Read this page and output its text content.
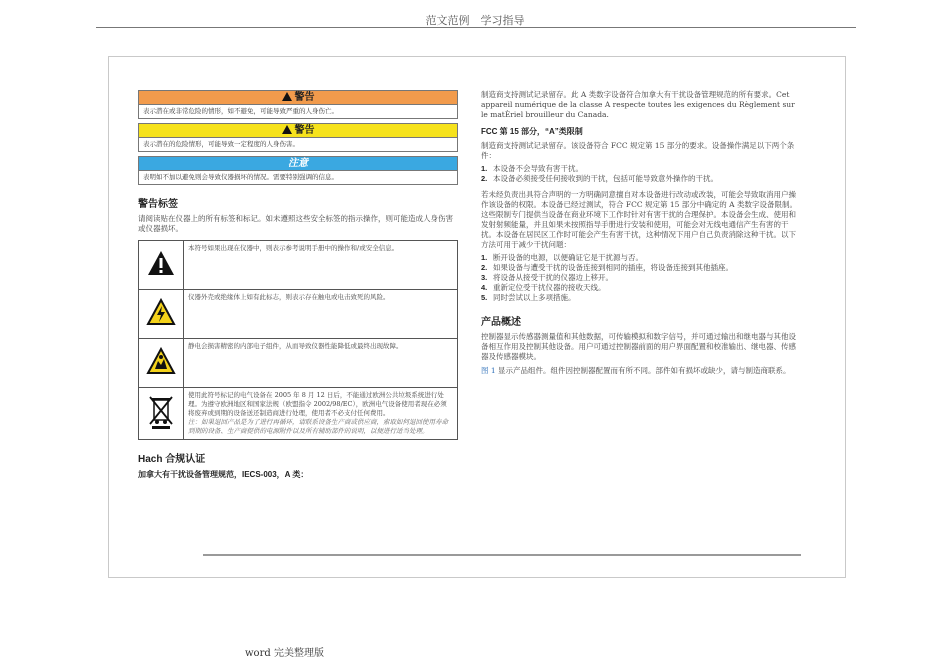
范文范例　学习指导
警告
表示潜在或非常危险的情形，如不避免，可能导致严重的人身伤亡。
警告
表示潜在的危险情形，可能导致一定程度的人身伤害。
注意
表明如不加以避免则会导致仪器损坏的情况。需要特别强调的信息。
警告标签
请阅读贴在仪器上的所有标签和标记。如未遵照这些安全标签的指示操作，则可能造成人身伤害或仪器损坏。
	本符号如果出现在仪器中，则表示参考说明手册中的操作和/或安全信息。
	仪器外壳或绝缘体上如有此标志，则表示存在触电或电击致死的风险。
	静电会损害精密的内部电子组件，从而导致仪器性能降低或最终出现故障。

使用此符号标记的电气设备在 2005 年 8 月 12 日后，不能通过欧洲公共垃圾系统进行处理。为遵守欧洲地区和国家法规（欧盟指令 2002/98/EC），欧洲电气设备使用者现在必须将废弃或到期的设备送还制造商进行处理，使用者不必支付任何费用。
注：如果退回产品是为了进行再循环，请联系设备生产商或供应商，索取如何退回使用寿命到期的设备、生产商提供的电源附件以及所有辅助部件的说明，以便进行适当处理。
Hach 合规认证
加拿大有干扰设备管理规范，IECS-003，A 类：
制造商支持测试记录留存。此 A 类数字设备符合加拿大有干扰设备管理规范的所有要求。Cet appareil numérique de la classe A respecte toutes les exigences du Règlement sur le matÈriel brouilleur du Canada.
FCC 第 15 部分，“A”类限制
制造商支持测试记录留存。该设备符合 FCC 规定第 15 部分的要求。设备操作满足以下两个条件：
1. 本设备不会导致有害干扰。
2. 本设备必须接受任何接收到的干扰，包括可能导致意外操作的干扰。
若未经负责出具符合声明的一方明确同意擅自对本设备进行改动或改装，可能会导致取消用户操作该设备的权限。本设备已经过测试，符合 FCC 规定第 15 部分中确定的 A 类数字设备限制。这些限制专门提供当设备在商业环境下工作时针对有害干扰的合理保护。本设备会生成、使用和发射射频能量，并且如果未按照指导手册进行安装和使用，可能会对无线电通信产生有害的干扰。本设备在居民区工作时可能会产生有害干扰，这种情况下用户自己负责消除这种干扰。以下方法可用于减少干扰问题：
1. 断开设备的电源，以便确证它是干扰源与否。
2. 如果设备与遭受干扰的设备连接到相同的插座，将设备连接到其他插座。
3. 将设备从接受干扰的仪器边上移开。
4. 重新定位受干扰仪器的接收天线。
5. 同时尝试以上多项措施。
产品概述
控制器显示传感器测量值和其他数据，可传输模拟和数字信号，并可通过输出和继电器与其他设备相互作用及控制其他设备。用户可通过控制器前面的用户界面配置和校准输出、继电器、传感器及传感器模块。
图 1 显示产品组件。组件因控制器配置而有所不同。部件如有损坏或缺少，请与制造商联系。
word 完美整理版
